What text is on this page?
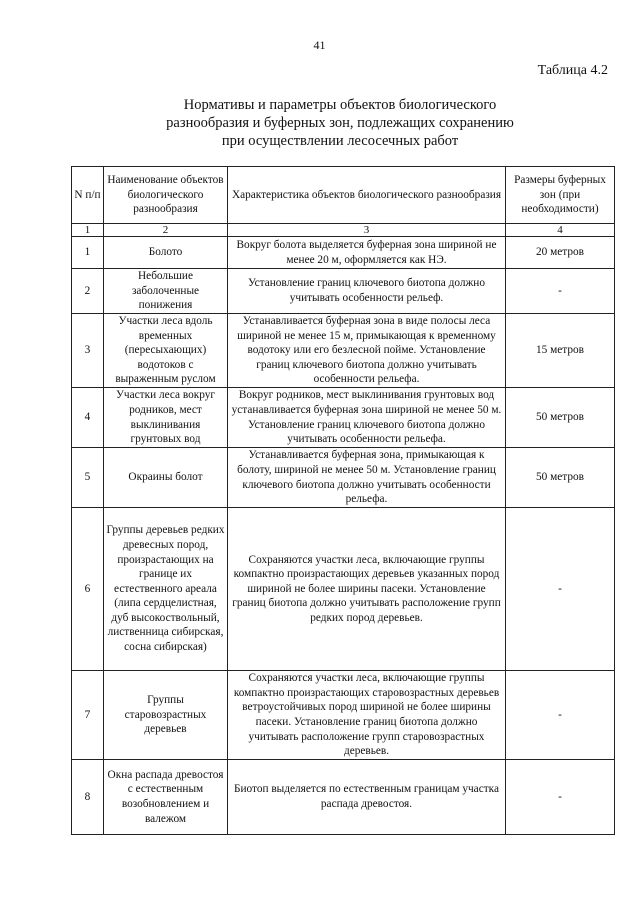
41
Таблица 4.2
Нормативы и параметры объектов биологического
разнообразия и буферных зон, подлежащих сохранению
при осуществлении лесосечных работ
N п/п	Наименование объектов биологического разнообразия	Характеристика объектов биологического разнообразия	Размеры буферных зон (при необходимости)
1	2	3	4
1	Болото	Вокруг болота выделяется буферная зона шириной не менее 20 м, оформляется как НЭ.	20 метров
2	Небольшие заболоченные понижения	Установление границ ключевого биотопа должно учитывать особенности рельеф.	-
3	Участки леса вдоль временных (пересыхающих) водотоков с выраженным руслом	Устанавливается буферная зона в виде полосы леса шириной не менее 15 м, примыкающая к временному водотоку или его безлесной пойме. Установление границ ключевого биотопа должно учитывать особенности рельефа.	15 метров
4	Участки леса вокруг родников, мест выклинивания грунтовых вод	Вокруг родников, мест выклинивания грунтовых вод устанавливается буферная зона шириной не менее 50 м. Установление границ ключевого биотопа должно учитывать особенности рельефа.	50 метров
5	Окраины болот	Устанавливается буферная зона, примыкающая к болоту, шириной не менее 50 м. Установление границ ключевого биотопа должно учитывать особенности рельефа.	50 метров
6	Группы деревьев редких древесных пород, произрастающих на границе их естественного ареала (липа сердцелистная, дуб высокоствольный, лиственница сибирская, сосна сибирская)	Сохраняются участки леса, включающие группы компактно произрастающих деревьев указанных пород шириной не более ширины пасеки. Установление границ биотопа должно учитывать расположение групп редких пород деревьев.	-
7	Группы старовозрастных деревьев	Сохраняются участки леса, включающие группы компактно произрастающих старовозрастных деревьев ветроустойчивых пород шириной не более ширины пасеки. Установление границ биотопа должно учитывать расположение групп старовозрастных деревьев.	-
8	Окна распада древостоя с естественным возобновлением и валежом	Биотоп выделяется по естественным границам участка распада древостоя.	-
